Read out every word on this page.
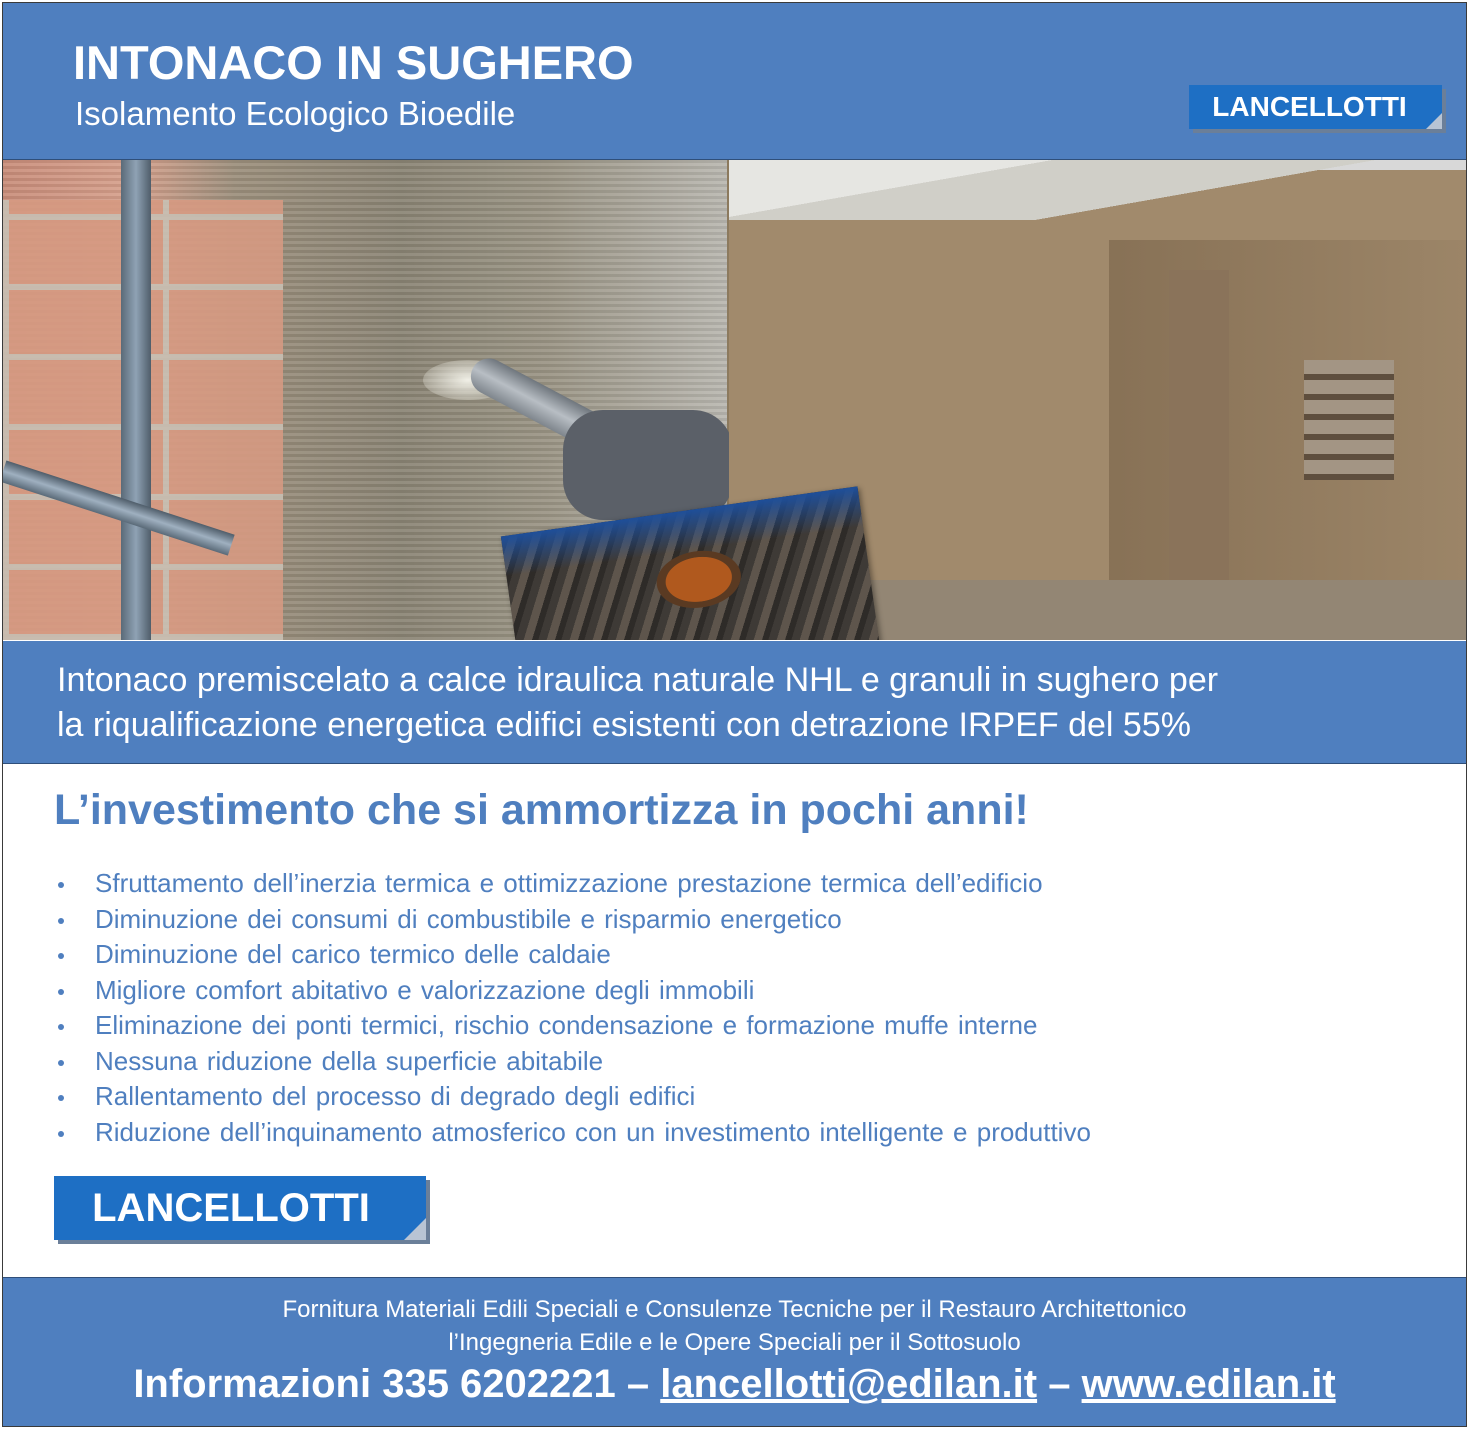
INTONACO IN SUGHERO
Isolamento Ecologico Bioedile	LANCELLOTTI
Intonaco premiscelato a calce idraulica naturale NHL e granuli in sughero per
la riqualificazione energetica edifici esistenti con detrazione IRPEF del 55%
L’investimento che si ammortizza in pochi anni!
Sfruttamento dell’inerzia termica e ottimizzazione prestazione termica dell’edificio
Diminuzione dei consumi di combustibile e risparmio energetico
Diminuzione del carico termico delle caldaie
Migliore comfort abitativo e valorizzazione degli immobili
Eliminazione dei ponti termici, rischio condensazione e formazione muffe interne
Nessuna riduzione della superficie abitabile
Rallentamento del processo di degrado degli edifici
Riduzione dell’inquinamento atmosferico con un investimento intelligente e produttivo
LANCELLOTTI
Fornitura Materiali Edili Speciali e Consulenze Tecniche per il Restauro Architettonico
l’Ingegneria Edile e le Opere Speciali per il Sottosuolo
Informazioni 335 6202221 – lancellotti@edilan.it – www.edilan.it
